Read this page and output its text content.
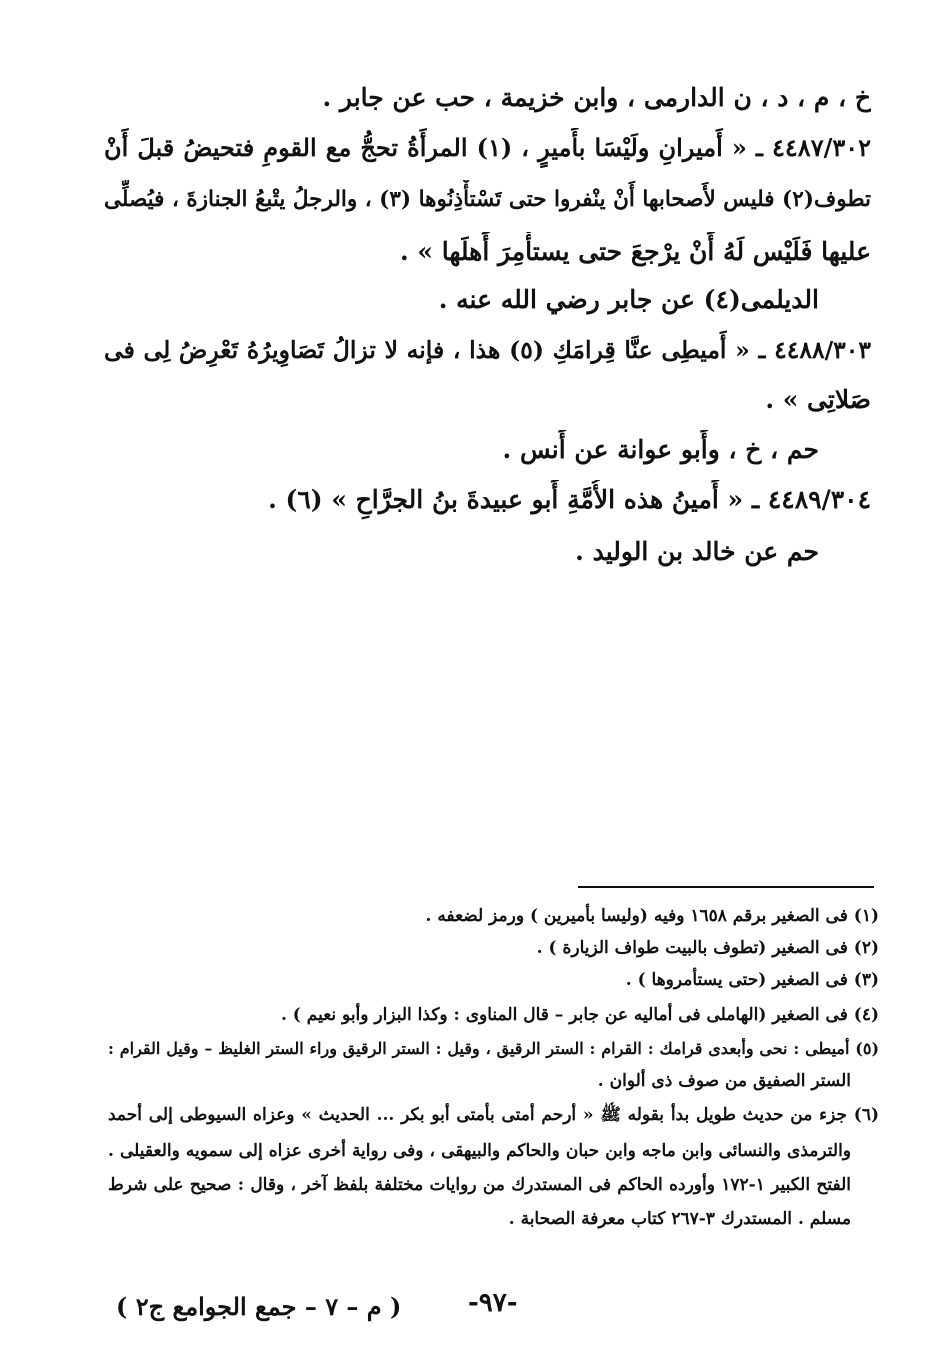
خ ، م ، د ، ن الدارمى ، وابن خزيمة ، حب عن جابر .
٤٤٨٧/٣٠٢ ـ « أَميرانِ ولَيْسَا بأَميرٍ ، (١) المرأَةُ تحجُّ مع القومِ فتحيضُ قبلَ أَنْ
تطوف(٢) فليس لأَصحابها أَنْ ينْفروا حتى تَسْتأْذِنُوها (٣) ، والرجلُ يتْبعُ الجنازةَ ، فيُصلِّى
عليها فَلَيْس لَهُ أَنْ يرْجعَ حتى يستأْمِرَ أَهلَها » .
الديلمى(٤) عن جابر رضي الله عنه .
٤٤٨٨/٣٠٣ ـ « أَميطِى عنَّا قِرامَكِ (٥) هذا ، فإنه لا تزالُ تَصَاوِيرُهُ تَعْرِضُ لِى فى
صَلاتِى » .
حم ، خ ، وأَبو عوانة عن أَنس .
٤٤٨٩/٣٠٤ ـ « أَمينُ هذه الأُمَّةِ أَبو عبيدةَ بنُ الجرَّاحِ » (٦) .
حم عن خالد بن الوليد .
(١) فى الصغير برقم ١٦٥٨ وفيه (وليسا بأميرين ) ورمز لضعفه .
(٢) فى الصغير (تطوف بالبيت طواف الزيارة ) .
(٣) فى الصغير (حتى يستأمروها ) .
(٤) فى الصغير (الهاملى فى أماليه عن جابر – قال المناوى : وكذا البزار وأبو نعيم ) .
(٥) أميطى : نحى وأبعدى قرامك : القرام : الستر الرقيق ، وقيل : الستر الرقيق وراء الستر الغليظ – وقيل القرام :
الستر الصفيق من صوف ذى ألوان .
(٦) جزء من حديث طويل بدأ بقوله ﷺ « أرحم أمتى بأمتى أبو بكر ... الحديث » وعزاه السيوطى إلى أحمد
والترمذى والنسائى وابن ماجه وابن حبان والحاكم والبيهقى ، وفى رواية أخرى عزاه إلى سمويه والعقيلى .
الفتح الكبير ١-١٧٢ وأورده الحاكم فى المستدرك من روايات مختلفة بلفظ آخر ، وقال : صحيح على شرط
مسلم . المستدرك ٣-٢٦٧ كتاب معرفة الصحابة .
-٩٧-
( م – ٧ – جمع الجوامع ج٢ )
